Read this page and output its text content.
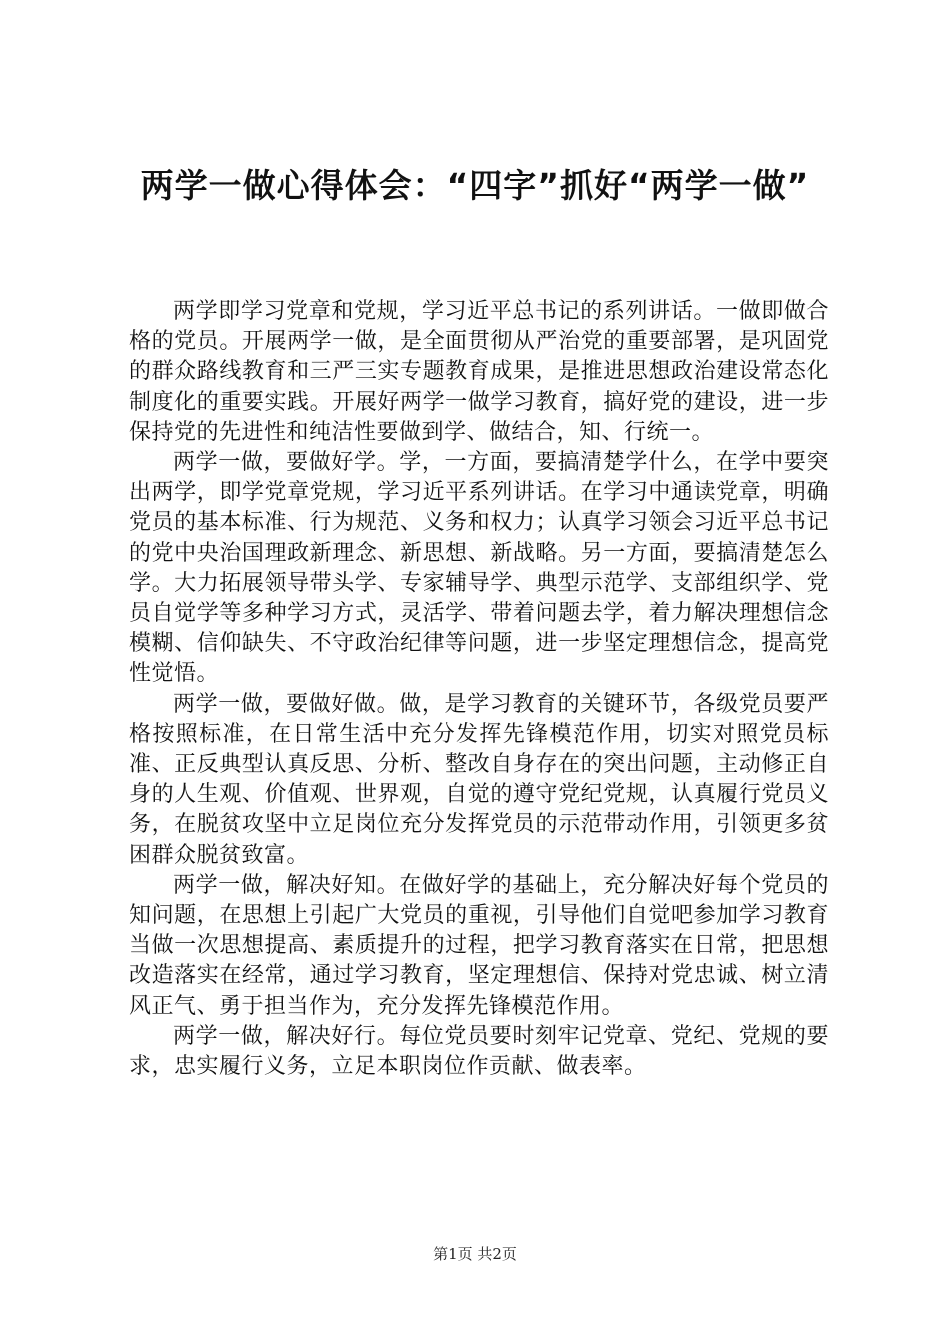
两学一做心得体会：“四字”抓好“两学一做”

两学即学习党章和党规，学习近平总书记的系列讲话。一做即做合格的党员。开展两学一做，是全面贯彻从严治党的重要部署，是巩固党的群众路线教育和三严三实专题教育成果，是推进思想政治建设常态化制度化的重要实践。开展好两学一做学习教育，搞好党的建设，进一步保持党的先进性和纯洁性要做到学、做结合，知、行统一。

两学一做，要做好学。学，一方面，要搞清楚学什么，在学中要突出两学，即学党章党规，学习近平系列讲话。在学习中通读党章，明确党员的基本标准、行为规范、义务和权力；认真学习领会习近平总书记的党中央治国理政新理念、新思想、新战略。另一方面，要搞清楚怎么学。大力拓展领导带头学、专家辅导学、典型示范学、支部组织学、党员自觉学等多种学习方式，灵活学、带着问题去学，着力解决理想信念模糊、信仰缺失、不守政治纪律等问题，进一步坚定理想信念，提高党性觉悟。

两学一做，要做好做。做，是学习教育的关键环节，各级党员要严格按照标准，在日常生活中充分发挥先锋模范作用，切实对照党员标准、正反典型认真反思、分析、整改自身存在的突出问题，主动修正自身的人生观、价值观、世界观，自觉的遵守党纪党规，认真履行党员义务，在脱贫攻坚中立足岗位充分发挥党员的示范带动作用，引领更多贫困群众脱贫致富。

两学一做，解决好知。在做好学的基础上，充分解决好每个党员的知问题，在思想上引起广大党员的重视，引导他们自觉吧参加学习教育当做一次思想提高、素质提升的过程，把学习教育落实在日常，把思想改造落实在经常，通过学习教育，坚定理想信、保持对党忠诚、树立清风正气、勇于担当作为，充分发挥先锋模范作用。

两学一做，解决好行。每位党员要时刻牢记党章、党纪、党规的要求，忠实履行义务，立足本职岗位作贡献、做表率。

第1页 共2页
